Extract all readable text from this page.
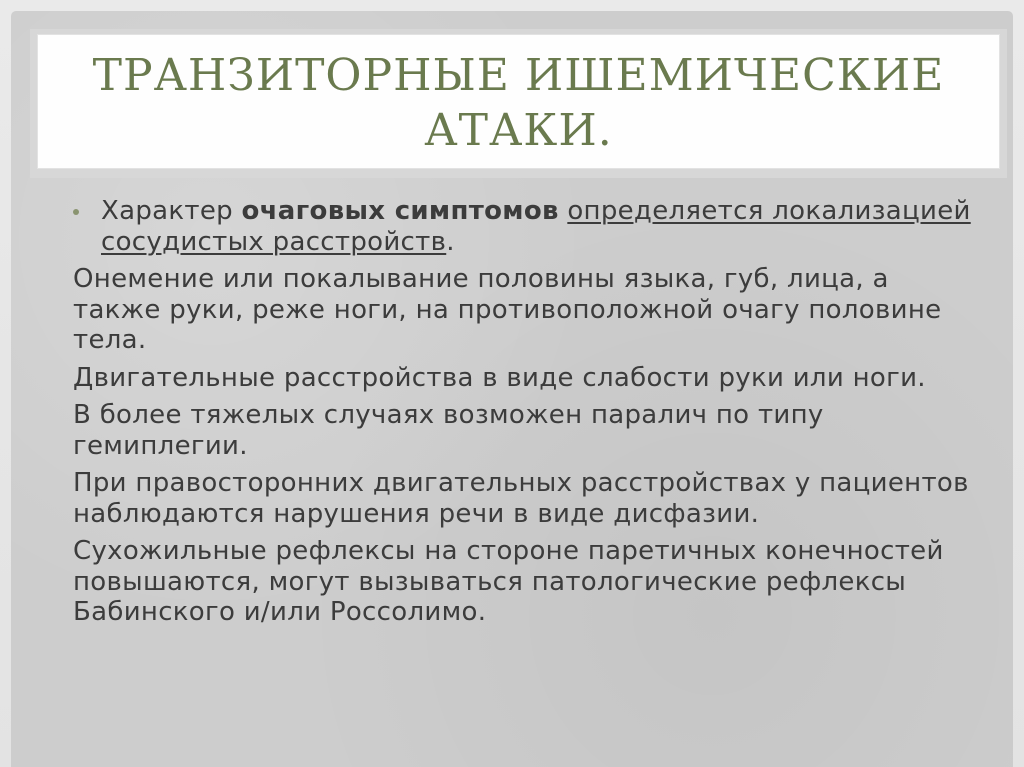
ТРАНЗИТОРНЫЕ ИШЕМИЧЕСКИЕ АТАКИ.

Характер очаговых симптомов определяется локализацией сосудистых расстройств.

Онемение или покалывание половины языка, губ, лица, а также руки, реже ноги, на противоположной очагу половине тела.

Двигательные расстройства в виде слабости руки или ноги.

В более тяжелых случаях возможен паралич по типу гемиплегии.

При правосторонних двигательных расстройствах у пациентов наблюдаются нарушения речи в виде дисфазии.

Сухожильные рефлексы на стороне паретичных конечностей повышаются, могут вызываться патологические рефлексы Бабинского и/или Россолимо.
